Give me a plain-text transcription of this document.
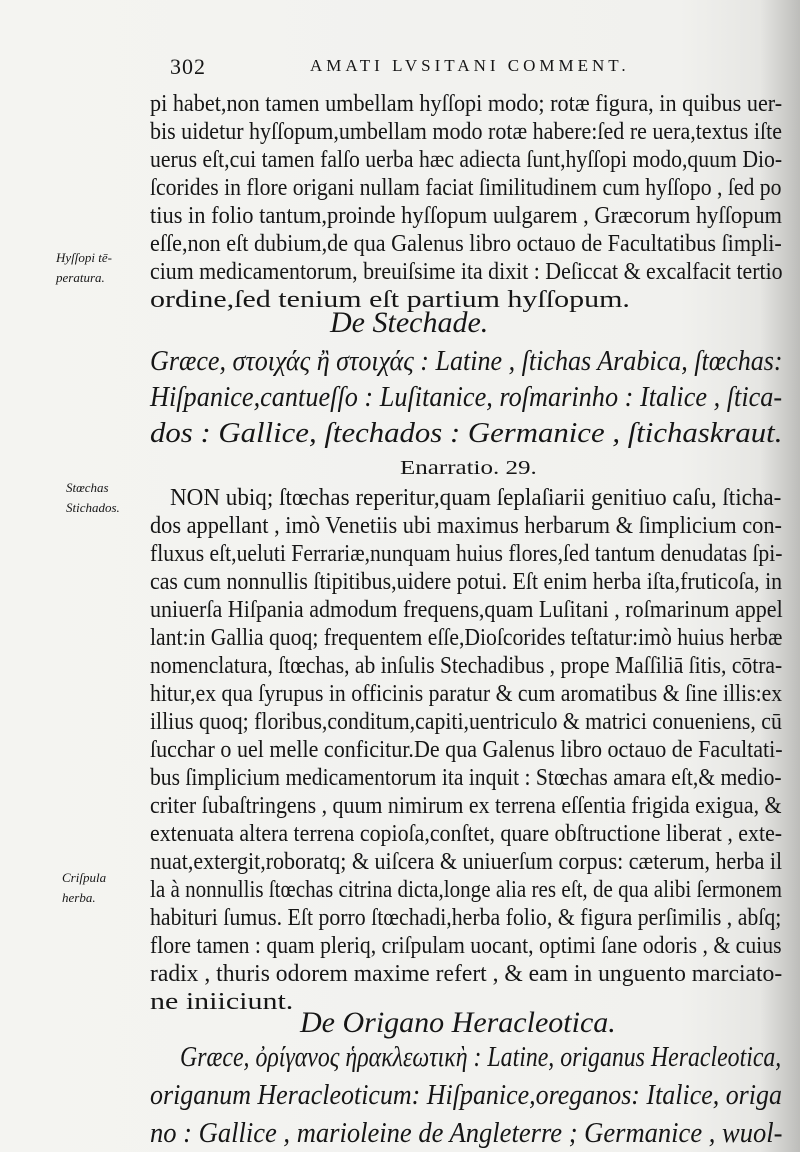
302	AMATI LVSITANI COMMENT.
Hyſſopi tē-
peratura.
Stœchas
Stichados.
Criſpula
herba.
pi habet,non tamen umbellam hyſſopi modo; rotæ figura, in quibus uer-
bis uidetur hyſſopum,umbellam modo rotæ habere:ſed re uera,textus iſte
uerus eſt,cui tamen falſo uerba hæc adiecta ſunt,hyſſopi modo,quum Dio-
ſcorides in flore origani nullam faciat ſimilitudinem cum hyſſopo , ſed po
tius in folio tantum,proinde hyſſopum uulgarem , Græcorum hyſſopum
eſſe,non eſt dubium,de qua Galenus libro octauo de Facultatibus ſimpli-
cium medicamentorum, breuiſsime ita dixit : Deſiccat & excalfacit tertio
ordine,ſed tenium eſt partium hyſſopum.
De Stechade.
Græce, στοιχάς ἢ στοιχάς : Latine , ſtichas Arabica, ſtœchas:
Hiſpanice,cantueſſo : Luſitanice, roſmarinho : Italice , ſtica-
dos : Gallice, ſtechados : Germanice , ſtichaskraut.
Enarratio. 29.
NON ubiq; ſtœchas reperitur,quam ſeplaſiarii genitiuo caſu, ſticha-
dos appellant , imò Venetiis ubi maximus herbarum & ſimplicium con-
fluxus eſt,ueluti Ferrariæ,nunquam huius flores,ſed tantum denudatas ſpi-
cas cum nonnullis ſtipitibus,uidere potui. Eſt enim herba iſta,fruticoſa, in
uniuerſa Hiſpania admodum frequens,quam Luſitani , roſmarinum appel
lant:in Gallia quoq; frequentem eſſe,Dioſcorides teſtatur:imò huius herbæ
nomenclatura, ſtœchas, ab inſulis Stechadibus , prope Maſſiliā ſitis, cōtra-
hitur,ex qua ſyrupus in officinis paratur & cum aromatibus & ſine illis:ex
illius quoq; floribus,conditum,capiti,uentriculo & matrici conueniens, cū
ſucchar o uel melle conficitur.De qua Galenus libro octauo de Facultati-
bus ſimplicium medicamentorum ita inquit : Stœchas amara eſt,& medio-
criter ſubaſtringens , quum nimirum ex terrena eſſentia frigida exigua, &
extenuata altera terrena copioſa,conſtet, quare obſtructione liberat , exte-
nuat,extergit,roboratq; & uiſcera & uniuerſum corpus: cæterum, herba il
la à nonnullis ſtœchas citrina dicta,longe alia res eſt, de qua alibi ſermonem
habituri ſumus. Eſt porro ſtœchadi,herba folio, & figura perſimilis , abſq;
flore tamen : quam pleriq, criſpulam uocant, optimi ſane odoris , & cuius
radix , thuris odorem maxime refert , & eam in unguento marciato-
ne iniiciunt.
De Origano Heracleotica.
Græce, ὀρίγανος ἡρακλεωτικὴ : Latine, origanus Heracleotica,
origanum Heracleoticum: Hiſpanice,oreganos: Italice, origa
no : Gallice , marioleine de Angleterre ; Germanice , wuol-
